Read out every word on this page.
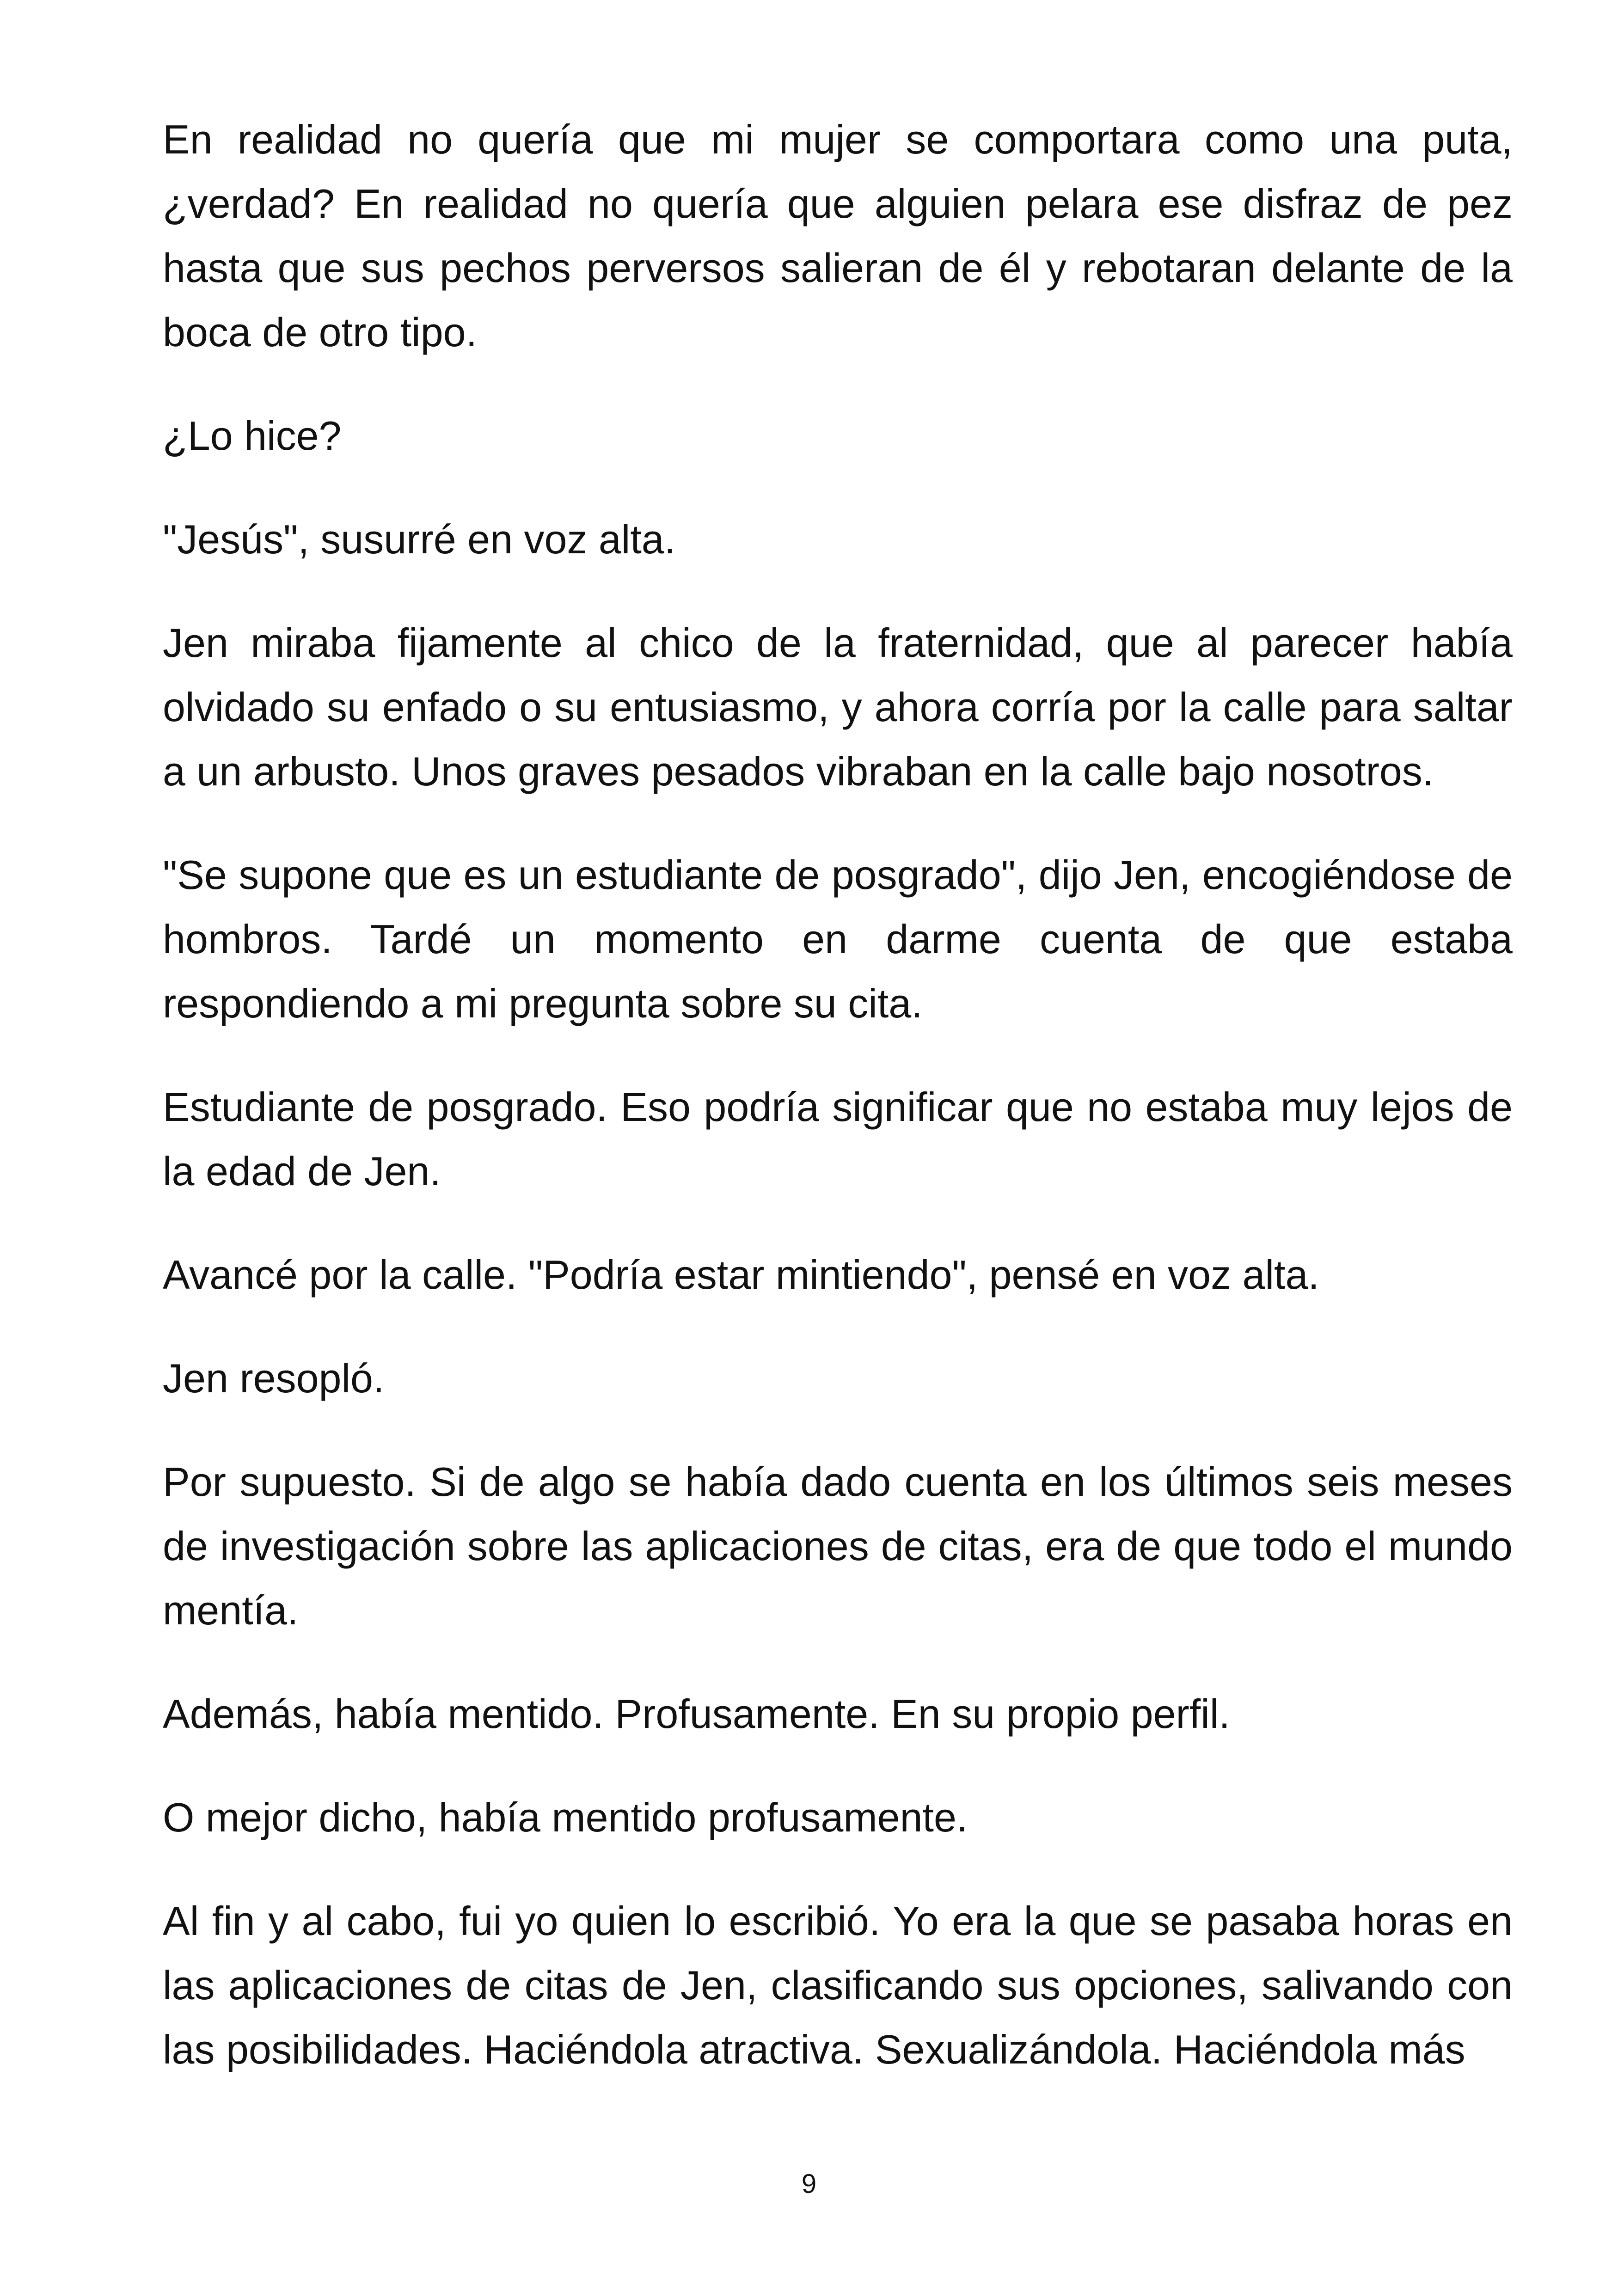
En realidad no quería que mi mujer se comportara como una puta, ¿verdad? En realidad no quería que alguien pelara ese disfraz de pez hasta que sus pechos perversos salieran de él y rebotaran delante de la boca de otro tipo.

¿Lo hice?

"Jesús", susurré en voz alta.

Jen miraba fijamente al chico de la fraternidad, que al parecer había olvidado su enfado o su entusiasmo, y ahora corría por la calle para saltar a un arbusto. Unos graves pesados vibraban en la calle bajo nosotros.

"Se supone que es un estudiante de posgrado", dijo Jen, encogiéndose de hombros. Tardé un momento en darme cuenta de que estaba respondiendo a mi pregunta sobre su cita.

Estudiante de posgrado. Eso podría significar que no estaba muy lejos de la edad de Jen.

Avancé por la calle. "Podría estar mintiendo", pensé en voz alta.

Jen resopló.

Por supuesto. Si de algo se había dado cuenta en los últimos seis meses de investigación sobre las aplicaciones de citas, era de que todo el mundo mentía.

Además, había mentido. Profusamente. En su propio perfil.

O mejor dicho, había mentido profusamente.

Al fin y al cabo, fui yo quien lo escribió. Yo era la que se pasaba horas en las aplicaciones de citas de Jen, clasificando sus opciones, salivando con las posibilidades. Haciéndola atractiva. Sexualizándola. Haciéndola más

9
